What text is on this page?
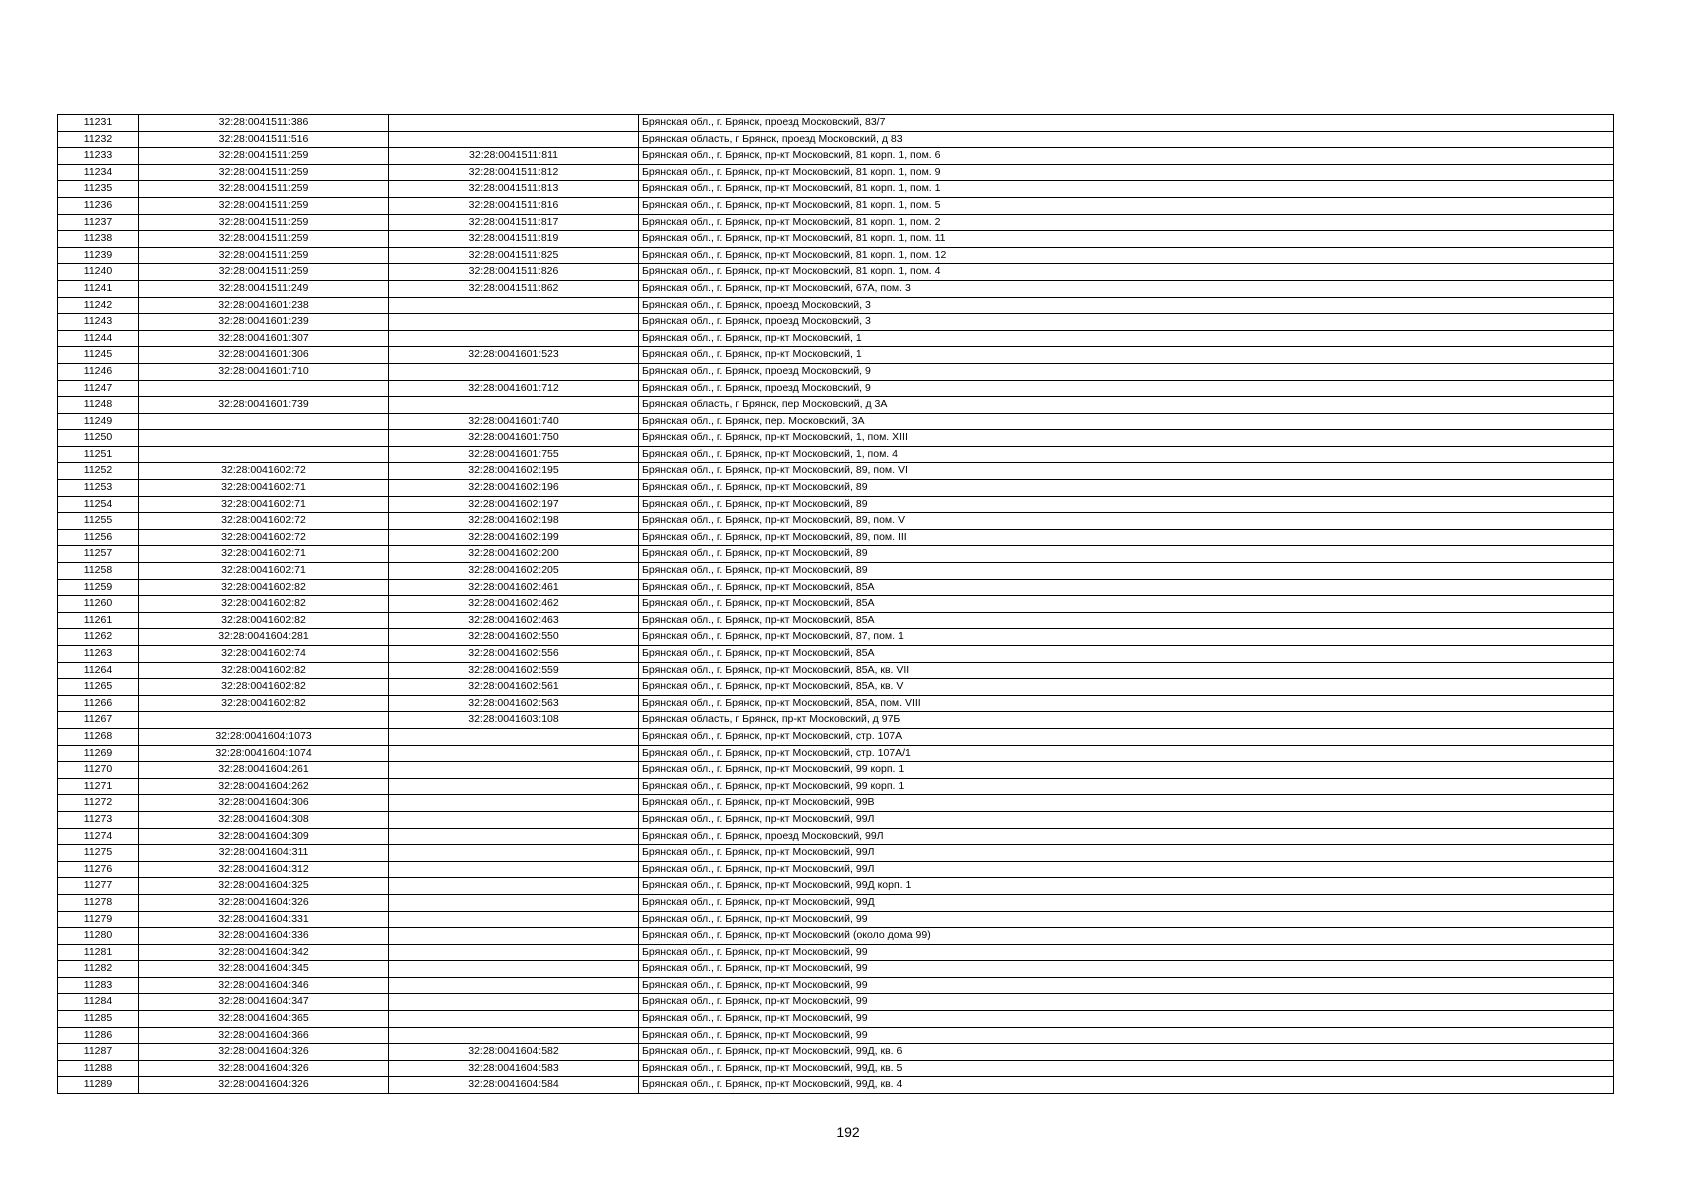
11231	32:28:0041511:386		Брянская обл., г. Брянск, проезд Московский, 83/7
11232	32:28:0041511:516		Брянская область, г Брянск, проезд Московский, д 83
11233	32:28:0041511:259	32:28:0041511:811	Брянская обл., г. Брянск, пр-кт Московский, 81 корп. 1, пом. 6
11234	32:28:0041511:259	32:28:0041511:812	Брянская обл., г. Брянск, пр-кт Московский, 81 корп. 1, пом. 9
11235	32:28:0041511:259	32:28:0041511:813	Брянская обл., г. Брянск, пр-кт Московский, 81 корп. 1, пом. 1
11236	32:28:0041511:259	32:28:0041511:816	Брянская обл., г. Брянск, пр-кт Московский, 81 корп. 1, пом. 5
11237	32:28:0041511:259	32:28:0041511:817	Брянская обл., г. Брянск, пр-кт Московский, 81 корп. 1, пом. 2
11238	32:28:0041511:259	32:28:0041511:819	Брянская обл., г. Брянск, пр-кт Московский, 81 корп. 1, пом. 11
11239	32:28:0041511:259	32:28:0041511:825	Брянская обл., г. Брянск, пр-кт Московский, 81 корп. 1, пом. 12
11240	32:28:0041511:259	32:28:0041511:826	Брянская обл., г. Брянск, пр-кт Московский, 81 корп. 1, пом. 4
11241	32:28:0041511:249	32:28:0041511:862	Брянская обл., г. Брянск, пр-кт Московский, 67А, пом. 3
11242	32:28:0041601:238		Брянская обл., г. Брянск, проезд Московский, 3
11243	32:28:0041601:239		Брянская обл., г. Брянск, проезд Московский, 3
11244	32:28:0041601:307		Брянская обл., г. Брянск, пр-кт Московский, 1
11245	32:28:0041601:306	32:28:0041601:523	Брянская обл., г. Брянск, пр-кт Московский, 1
11246	32:28:0041601:710		Брянская обл., г. Брянск, проезд Московский, 9
11247		32:28:0041601:712	Брянская обл., г. Брянск, проезд Московский, 9
11248	32:28:0041601:739		Брянская область, г Брянск, пер Московский, д 3А
11249		32:28:0041601:740	Брянская обл., г. Брянск, пер. Московский, 3А
11250		32:28:0041601:750	Брянская обл., г. Брянск, пр-кт Московский, 1, пом. XIII
11251		32:28:0041601:755	Брянская обл., г. Брянск, пр-кт Московский, 1, пом. 4
11252	32:28:0041602:72	32:28:0041602:195	Брянская обл., г. Брянск, пр-кт Московский, 89, пом. VI
11253	32:28:0041602:71	32:28:0041602:196	Брянская обл., г. Брянск, пр-кт Московский, 89
11254	32:28:0041602:71	32:28:0041602:197	Брянская обл., г. Брянск, пр-кт Московский, 89
11255	32:28:0041602:72	32:28:0041602:198	Брянская обл., г. Брянск, пр-кт Московский, 89, пом. V
11256	32:28:0041602:72	32:28:0041602:199	Брянская обл., г. Брянск, пр-кт Московский, 89, пом. III
11257	32:28:0041602:71	32:28:0041602:200	Брянская обл., г. Брянск, пр-кт Московский, 89
11258	32:28:0041602:71	32:28:0041602:205	Брянская обл., г. Брянск, пр-кт Московский, 89
11259	32:28:0041602:82	32:28:0041602:461	Брянская обл., г. Брянск, пр-кт Московский, 85А
11260	32:28:0041602:82	32:28:0041602:462	Брянская обл., г. Брянск, пр-кт Московский, 85А
11261	32:28:0041602:82	32:28:0041602:463	Брянская обл., г. Брянск, пр-кт Московский, 85А
11262	32:28:0041604:281	32:28:0041602:550	Брянская обл., г. Брянск, пр-кт Московский, 87, пом. 1
11263	32:28:0041602:74	32:28:0041602:556	Брянская обл., г. Брянск, пр-кт Московский, 85А
11264	32:28:0041602:82	32:28:0041602:559	Брянская обл., г. Брянск, пр-кт Московский, 85А, кв. VII
11265	32:28:0041602:82	32:28:0041602:561	Брянская обл., г. Брянск, пр-кт Московский, 85А, кв. V
11266	32:28:0041602:82	32:28:0041602:563	Брянская обл., г. Брянск, пр-кт Московский, 85А, пом. VIII
11267		32:28:0041603:108	Брянская область, г Брянск, пр-кт Московский, д 97Б
11268	32:28:0041604:1073		Брянская обл., г. Брянск, пр-кт Московский, стр. 107А
11269	32:28:0041604:1074		Брянская обл., г. Брянск, пр-кт Московский, стр. 107А/1
11270	32:28:0041604:261		Брянская обл., г. Брянск, пр-кт Московский, 99 корп. 1
11271	32:28:0041604:262		Брянская обл., г. Брянск, пр-кт Московский, 99 корп. 1
11272	32:28:0041604:306		Брянская обл., г. Брянск, пр-кт Московский, 99В
11273	32:28:0041604:308		Брянская обл., г. Брянск, пр-кт Московский, 99Л
11274	32:28:0041604:309		Брянская обл., г. Брянск, проезд Московский, 99Л
11275	32:28:0041604:311		Брянская обл., г. Брянск, пр-кт Московский, 99Л
11276	32:28:0041604:312		Брянская обл., г. Брянск, пр-кт Московский, 99Л
11277	32:28:0041604:325		Брянская обл., г. Брянск, пр-кт Московский, 99Д корп. 1
11278	32:28:0041604:326		Брянская обл., г. Брянск, пр-кт Московский, 99Д
11279	32:28:0041604:331		Брянская обл., г. Брянск, пр-кт Московский, 99
11280	32:28:0041604:336		Брянская обл., г. Брянск, пр-кт Московский (около дома 99)
11281	32:28:0041604:342		Брянская обл., г. Брянск, пр-кт Московский, 99
11282	32:28:0041604:345		Брянская обл., г. Брянск, пр-кт Московский, 99
11283	32:28:0041604:346		Брянская обл., г. Брянск, пр-кт Московский, 99
11284	32:28:0041604:347		Брянская обл., г. Брянск, пр-кт Московский, 99
11285	32:28:0041604:365		Брянская обл., г. Брянск, пр-кт Московский, 99
11286	32:28:0041604:366		Брянская обл., г. Брянск, пр-кт Московский, 99
11287	32:28:0041604:326	32:28:0041604:582	Брянская обл., г. Брянск, пр-кт Московский, 99Д, кв. 6
11288	32:28:0041604:326	32:28:0041604:583	Брянская обл., г. Брянск, пр-кт Московский, 99Д, кв. 5
11289	32:28:0041604:326	32:28:0041604:584	Брянская обл., г. Брянск, пр-кт Московский, 99Д, кв. 4
192
